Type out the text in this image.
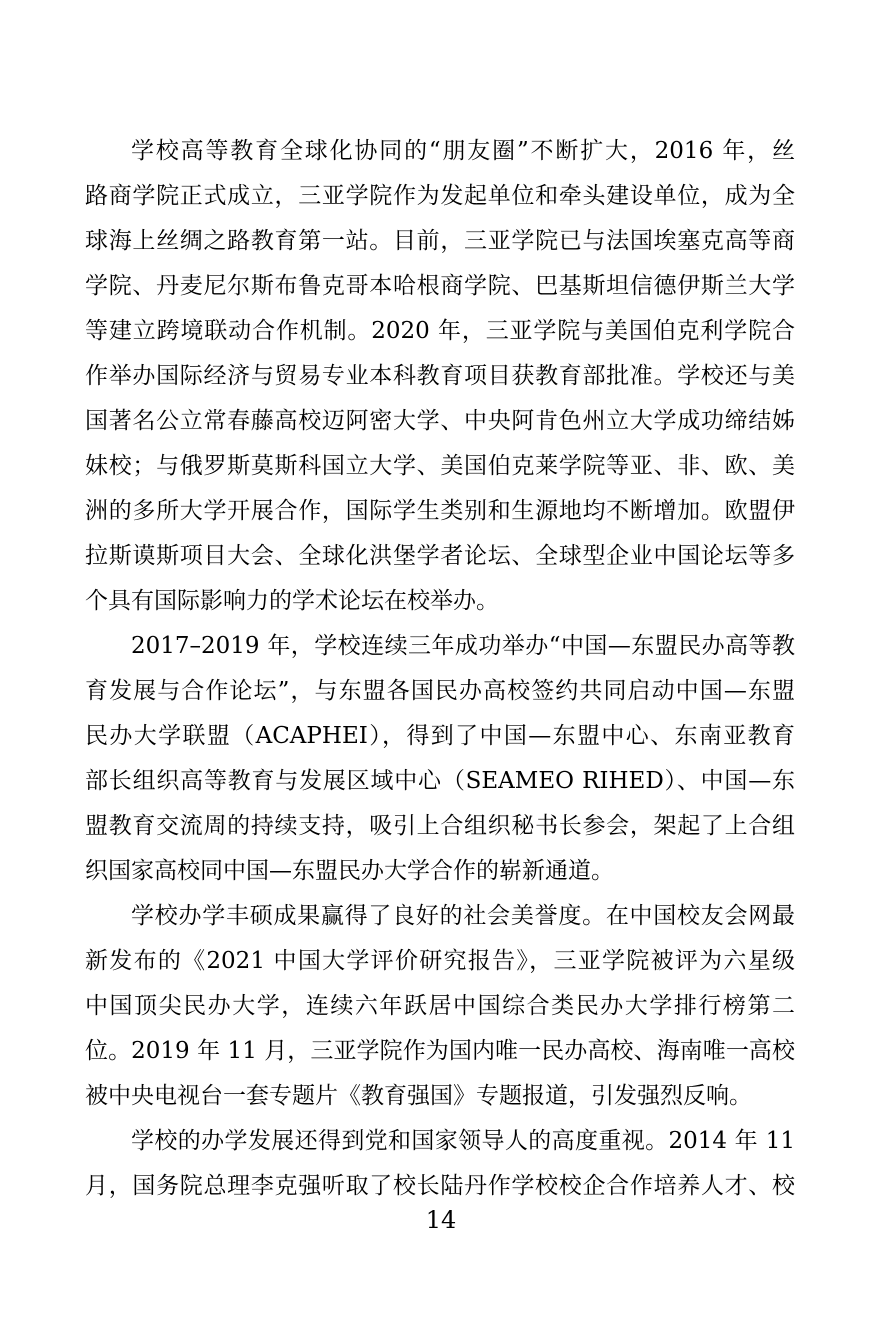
学校高等教育全球化协同的“朋友圈”不断扩大，2016 年，丝
路商学院正式成立，三亚学院作为发起单位和牵头建设单位，成为全
球海上丝绸之路教育第一站。目前，三亚学院已与法国埃塞克高等商
学院、丹麦尼尔斯布鲁克哥本哈根商学院、巴基斯坦信德伊斯兰大学
等建立跨境联动合作机制。2020 年，三亚学院与美国伯克利学院合
作举办国际经济与贸易专业本科教育项目获教育部批准。学校还与美
国著名公立常春藤高校迈阿密大学、中央阿肯色州立大学成功缔结姊
妹校；与俄罗斯莫斯科国立大学、美国伯克莱学院等亚、非、欧、美
洲的多所大学开展合作，国际学生类别和生源地均不断增加。欧盟伊
拉斯谟斯项目大会、全球化洪堡学者论坛、全球型企业中国论坛等多
个具有国际影响力的学术论坛在校举办。
2017–2019 年，学校连续三年成功举办“中国—东盟民办高等教
育发展与合作论坛”，与东盟各国民办高校签约共同启动中国—东盟
民办大学联盟（ACAPHEI），得到了中国—东盟中心、东南亚教育
部长组织高等教育与发展区域中心（SEAMEO RIHED）、中国—东
盟教育交流周的持续支持，吸引上合组织秘书长参会，架起了上合组
织国家高校同中国—东盟民办大学合作的崭新通道。
学校办学丰硕成果赢得了良好的社会美誉度。在中国校友会网最
新发布的《2021 中国大学评价研究报告》，三亚学院被评为六星级
中国顶尖民办大学，连续六年跃居中国综合类民办大学排行榜第二
位。2019 年 11 月，三亚学院作为国内唯一民办高校、海南唯一高校
被中央电视台一套专题片《教育强国》专题报道，引发强烈反响。
学校的办学发展还得到党和国家领导人的高度重视。2014 年 11
月，国务院总理李克强听取了校长陆丹作学校校企合作培养人才、校
14
